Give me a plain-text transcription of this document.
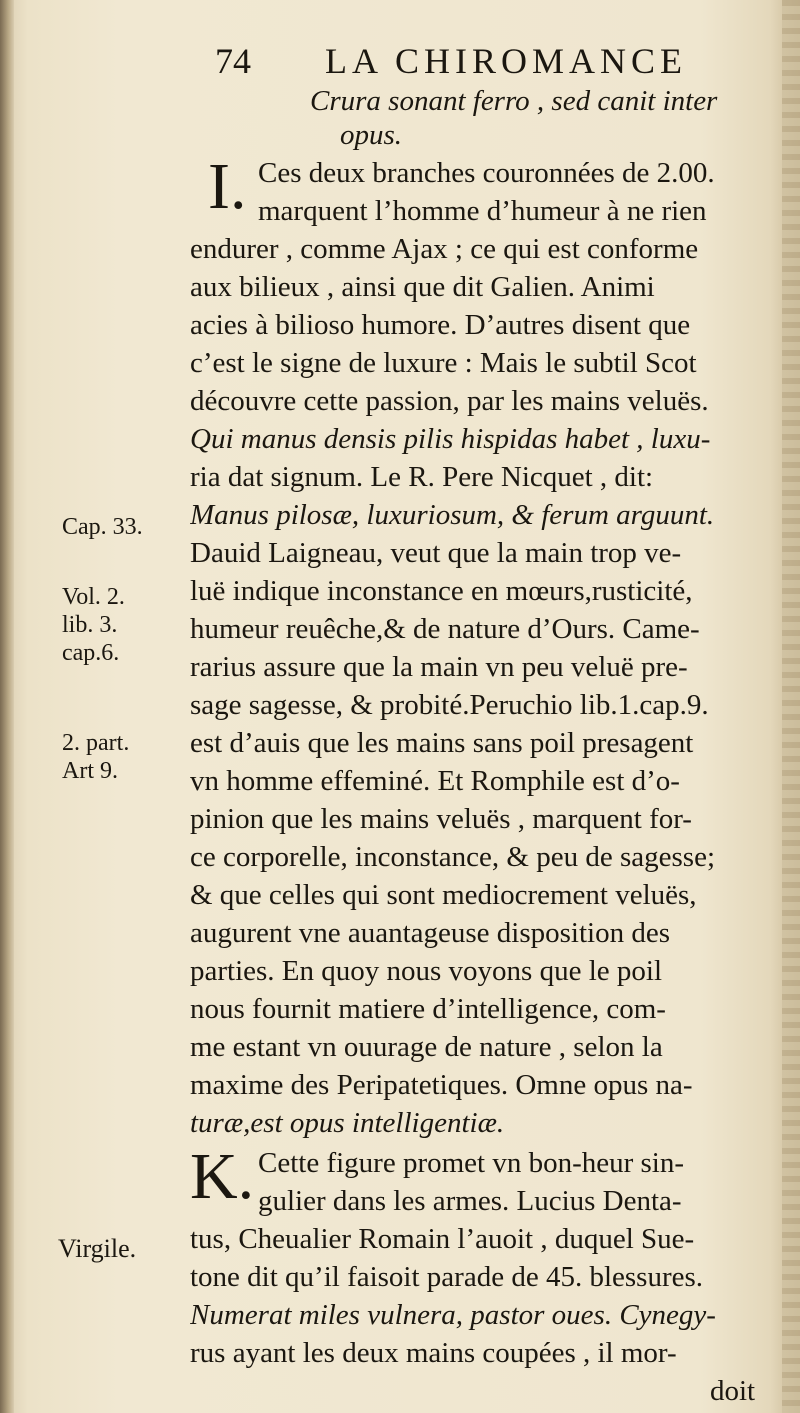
74 LA CHIROMANCE
Cap. 33.
Vol. 2.
lib. 3.
cap.6.
2. part.
Art 9.
Virgile.
Crura sonant ferro , sed canit inter
opus.
I. Ces deux branches couronnées de 2.00.
marquent l’homme d’humeur à ne rien
endurer , comme Ajax ; ce qui est conforme
aux bilieux , ainsi que dit Galien. Animi
acies à bilioso humore. D’autres disent que
c’est le signe de luxure : Mais le subtil Scot
découvre cette passion, par les mains veluës.
Qui manus densis pilis hispidas habet , luxu-
ria dat signum. Le R. Pere Nicquet , dit:
Manus pilosæ, luxuriosum, & ferum arguunt.
Dauid Laigneau, veut que la main trop ve-
luë indique inconstance en mœurs,rusticité,
humeur reuêche,& de nature d’Ours. Came-
rarius assure que la main vn peu veluë pre-
sage sagesse, & probité.Peruchio lib.1.cap.9.
est d’auis que les mains sans poil presagent
vn homme effeminé. Et Romphile est d’o-
pinion que les mains veluës , marquent for-
ce corporelle, inconstance, & peu de sagesse;
& que celles qui sont mediocrement veluës,
augurent vne auantageuse disposition des
parties. En quoy nous voyons que le poil
nous fournit matiere d’intelligence, com-
me estant vn ouurage de nature , selon la
maxime des Peripatetiques. Omne opus na-
turæ,est opus intelligentiæ.
K. Cette figure promet vn bon-heur sin-
gulier dans les armes. Lucius Denta-
tus, Cheualier Romain l’auoit , duquel Sue-
tone dit qu’il faisoit parade de 45. blessures.
Numerat miles vulnera, pastor oues. Cynegy-
rus ayant les deux mains coupées , il mor-
doit
